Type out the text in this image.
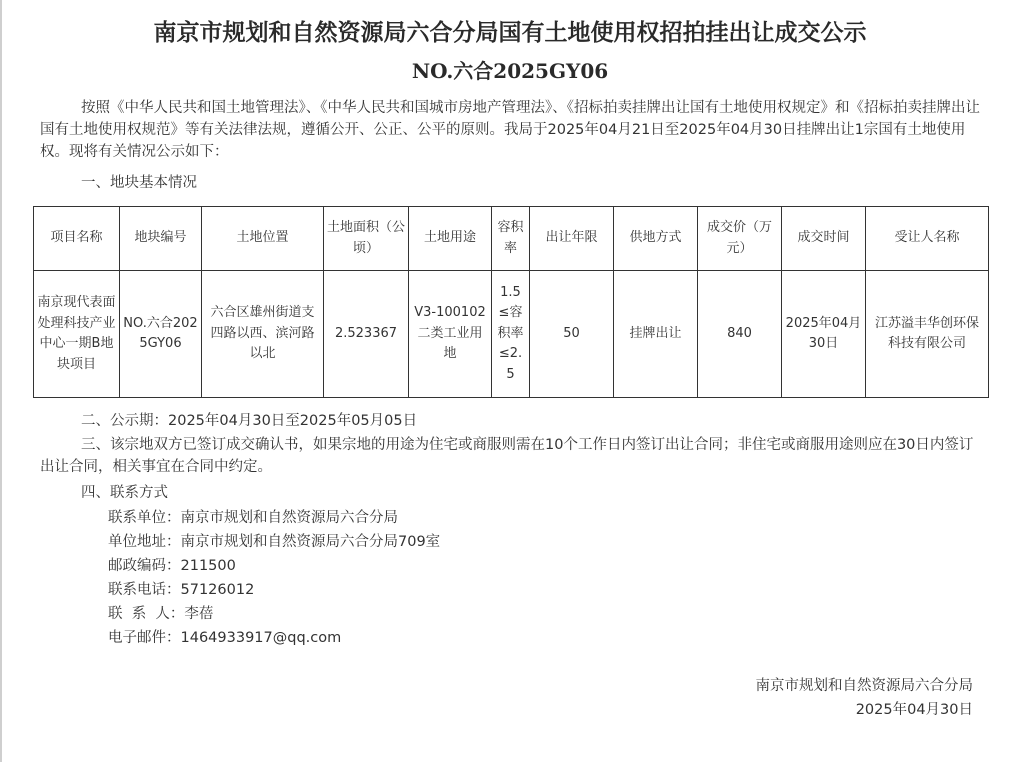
南京市规划和自然资源局六合分局国有土地使用权招拍挂出让成交公示
NO.六合2025GY06

按照《中华人民共和国土地管理法》、《中华人民共和国城市房地产管理法》、《招标拍卖挂牌出让国有土地使用权规定》和《招标拍卖挂牌出让国有土地使用权规范》等有关法律法规，遵循公开、公正、公平的原则。我局于2025年04月21日至2025年04月30日挂牌出让1宗国有土地使用权。现将有关情况公示如下：

一、地块基本情况

项目名称	地块编号	土地位置	土地面积（公顷）	土地用途	容积率	出让年限	供地方式	成交价（万元）	成交时间	受让人名称
南京现代表面处理科技产业中心一期B地块项目	NO.六合2025GY06	六合区雄州街道支四路以西、滨河路以北	2.523367	V3-100102二类工业用地	1.5≤容积率≤2.5	50	挂牌出让	840	2025年04月30日	江苏溢丰华创环保科技有限公司

二、公示期：2025年04月30日至2025年05月05日

三、该宗地双方已签订成交确认书，如果宗地的用途为住宅或商服则需在10个工作日内签订出让合同；非住宅或商服用途则应在30日内签订出让合同，相关事宜在合同中约定。

四、联系方式

联系单位：南京市规划和自然资源局六合分局

单位地址：南京市规划和自然资源局六合分局709室

邮政编码：211500

联系电话：57126012

联  系  人：李蓓

电子邮件：1464933917@qq.com

南京市规划和自然资源局六合分局

2025年04月30日
